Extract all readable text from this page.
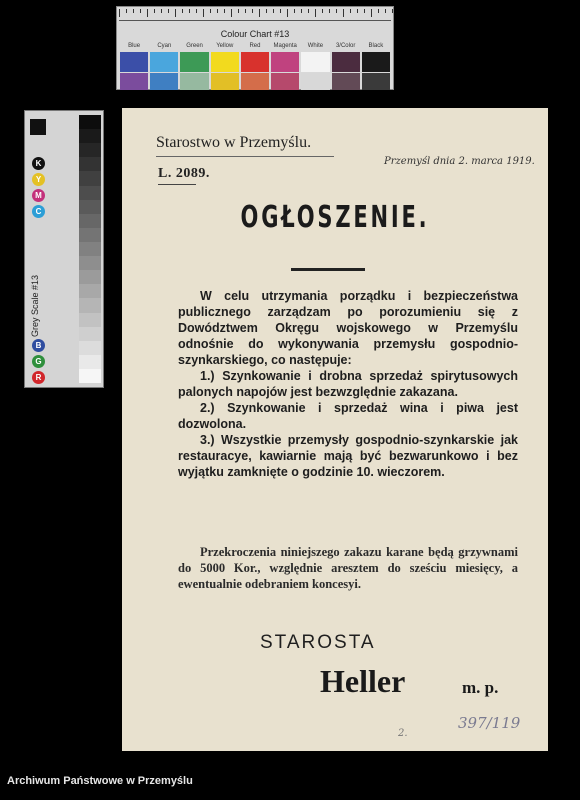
Colour Chart #13
Blue	Cyan	Green	Yellow	Red	Magenta	White	3/Color	Black
R
G
B
C
M
Y
K
Grey Scale #13
Starostwo w Przemyślu.
Przemyśl dnia 2. marca 1919.
L. 2089.
OGŁOSZENIE.

W celu utrzymania porządku i bezpieczeństwa publicznego zarządzam po porozumieniu się z Dowództwem Okręgu wojskowego w Przemyślu odnośnie do wykonywania przemysłu gospodnio-szynkarskiego, co następuje:

1.) Szynkowanie i drobna sprzedaż spirytusowych palonych napojów jest bezwzględnie zakazana.

2.) Szynkowanie i sprzedaż wina i piwa jest dozwolona.

3.) Wszystkie przemysły gospodnio-szynkarskie jak restauracye, kawiarnie mają być bezwarunkowo i bez wyjątku zamknięte o godzinie 10. wieczorem.

Przekroczenia niniejszego zakazu karane będą grzywnami do 5000 Kor., względnie aresztem do sześciu miesięcy, a ewentualnie odebraniem koncesyi.
STAROSTA
Heller	m. p.
2.
397/119
Archiwum Państwowe w Przemyślu
